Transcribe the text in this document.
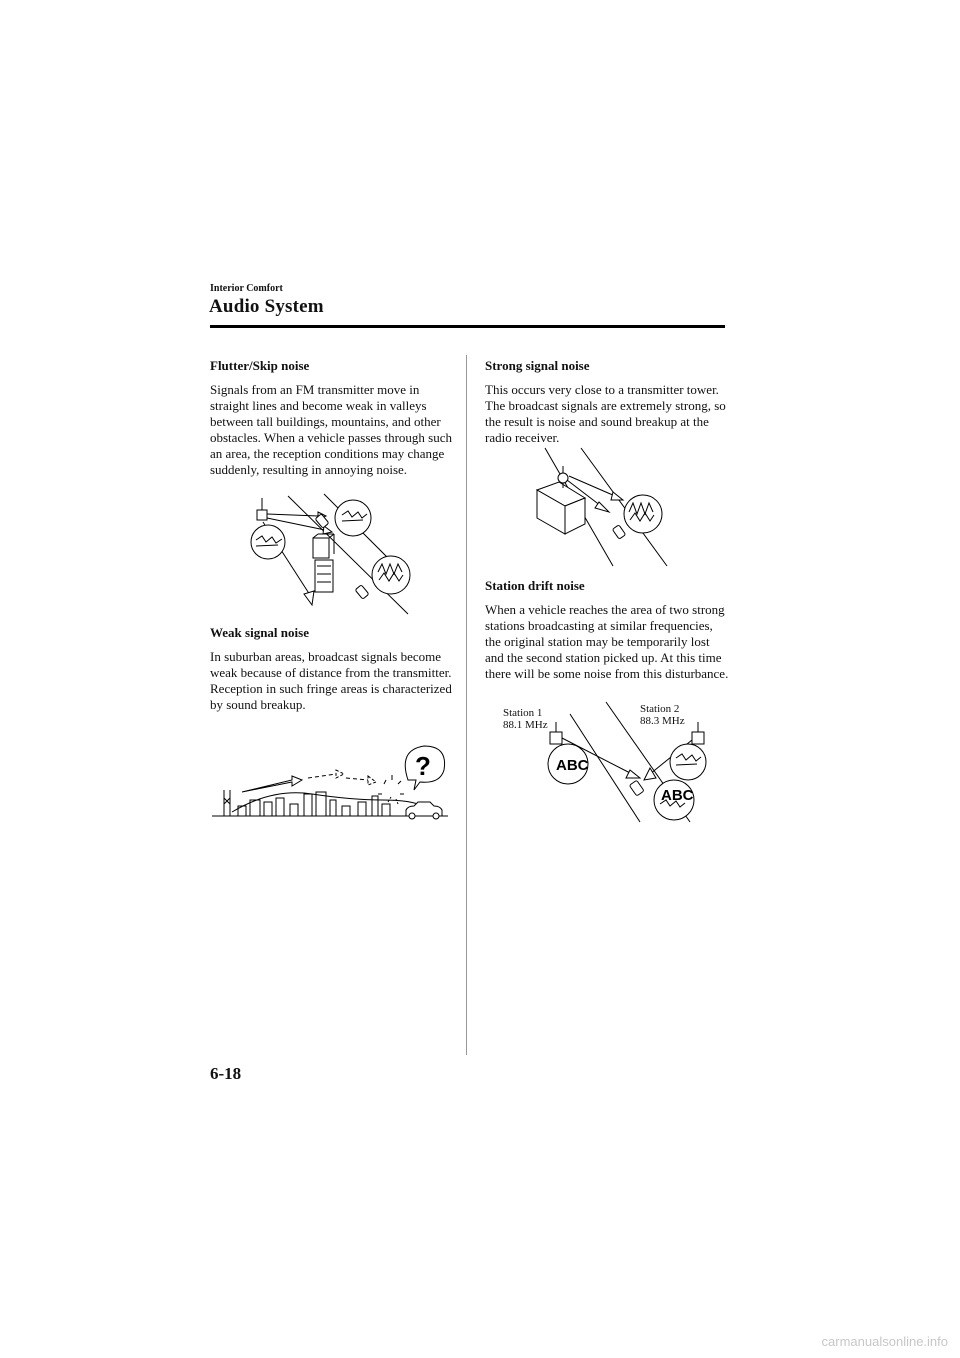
Interior Comfort
Audio System
Flutter/Skip noise

Signals from an FM transmitter move in straight lines and become weak in valleys between tall buildings, mountains, and other obstacles. When a vehicle passes through such an area, the reception conditions may change suddenly, resulting in annoying noise.

Weak signal noise

In suburban areas, broadcast signals become weak because of distance from the transmitter. Reception in such fringe areas is characterized by sound breakup.

?
Strong signal noise

This occurs very close to a transmitter tower. The broadcast signals are extremely strong, so the result is noise and sound breakup at the radio receiver.

Station drift noise

When a vehicle reaches the area of two strong stations broadcasting at similar frequencies, the original station may be temporarily lost and the second station picked up. At this time there will be some noise from this disturbance.

Station 1
88.1 MHz
Station 2
88.3 MHz
ABC
ABC
6-18
carmanualsonline.info
